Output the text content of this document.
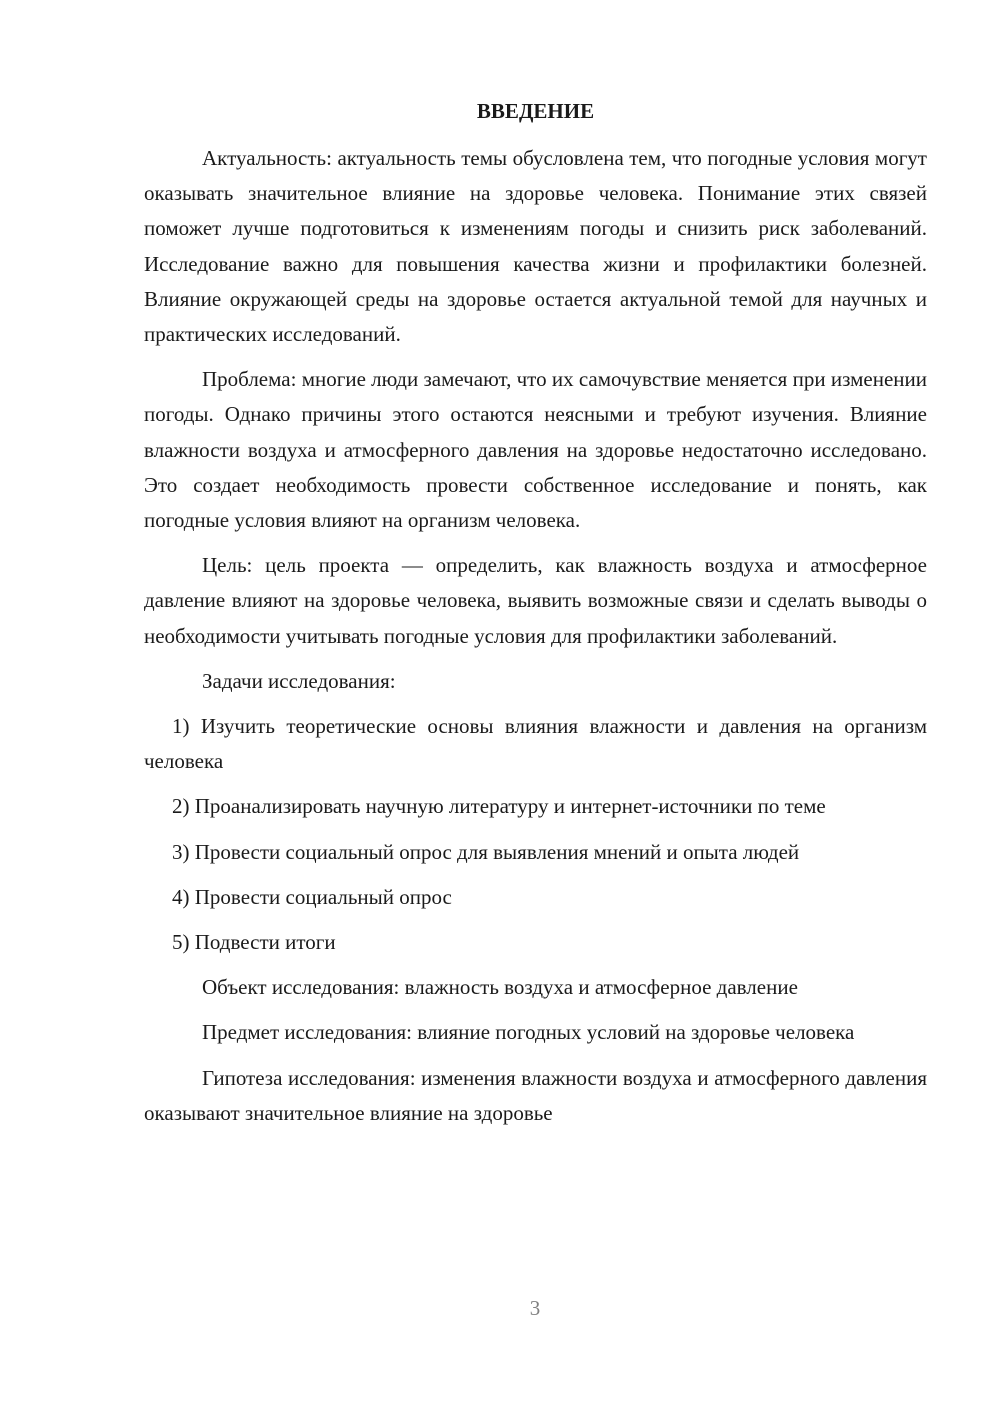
ВВЕДЕНИЕ

Актуальность: актуальность темы обусловлена тем, что погодные условия могут оказывать значительное влияние на здоровье человека. Понимание этих связей поможет лучше подготовиться к изменениям погоды и снизить риск заболеваний. Исследование важно для повышения качества жизни и профилактики болезней. Влияние окружающей среды на здоровье остается актуальной темой для научных и практических исследований.

Проблема: многие люди замечают, что их самочувствие меняется при изменении погоды. Однако причины этого остаются неясными и требуют изучения. Влияние влажности воздуха и атмосферного давления на здоровье недостаточно исследовано. Это создает необходимость провести собственное исследование и понять, как погодные условия влияют на организм человека.

Цель: цель проекта — определить, как влажность воздуха и атмосферное давление влияют на здоровье человека, выявить возможные связи и сделать выводы о необходимости учитывать погодные условия для профилактики заболеваний.

Задачи исследования:

1) Изучить теоретические основы влияния влажности и давления на организм человека

2) Проанализировать научную литературу и интернет-источники по теме

3) Провести социальный опрос для выявления мнений и опыта людей

4) Провести социальный опрос

5) Подвести итоги

Объект исследования: влажность воздуха и атмосферное давление

Предмет исследования: влияние погодных условий на здоровье человека

Гипотеза исследования: изменения влажности воздуха и атмосферного давления оказывают значительное влияние на здоровье

3
